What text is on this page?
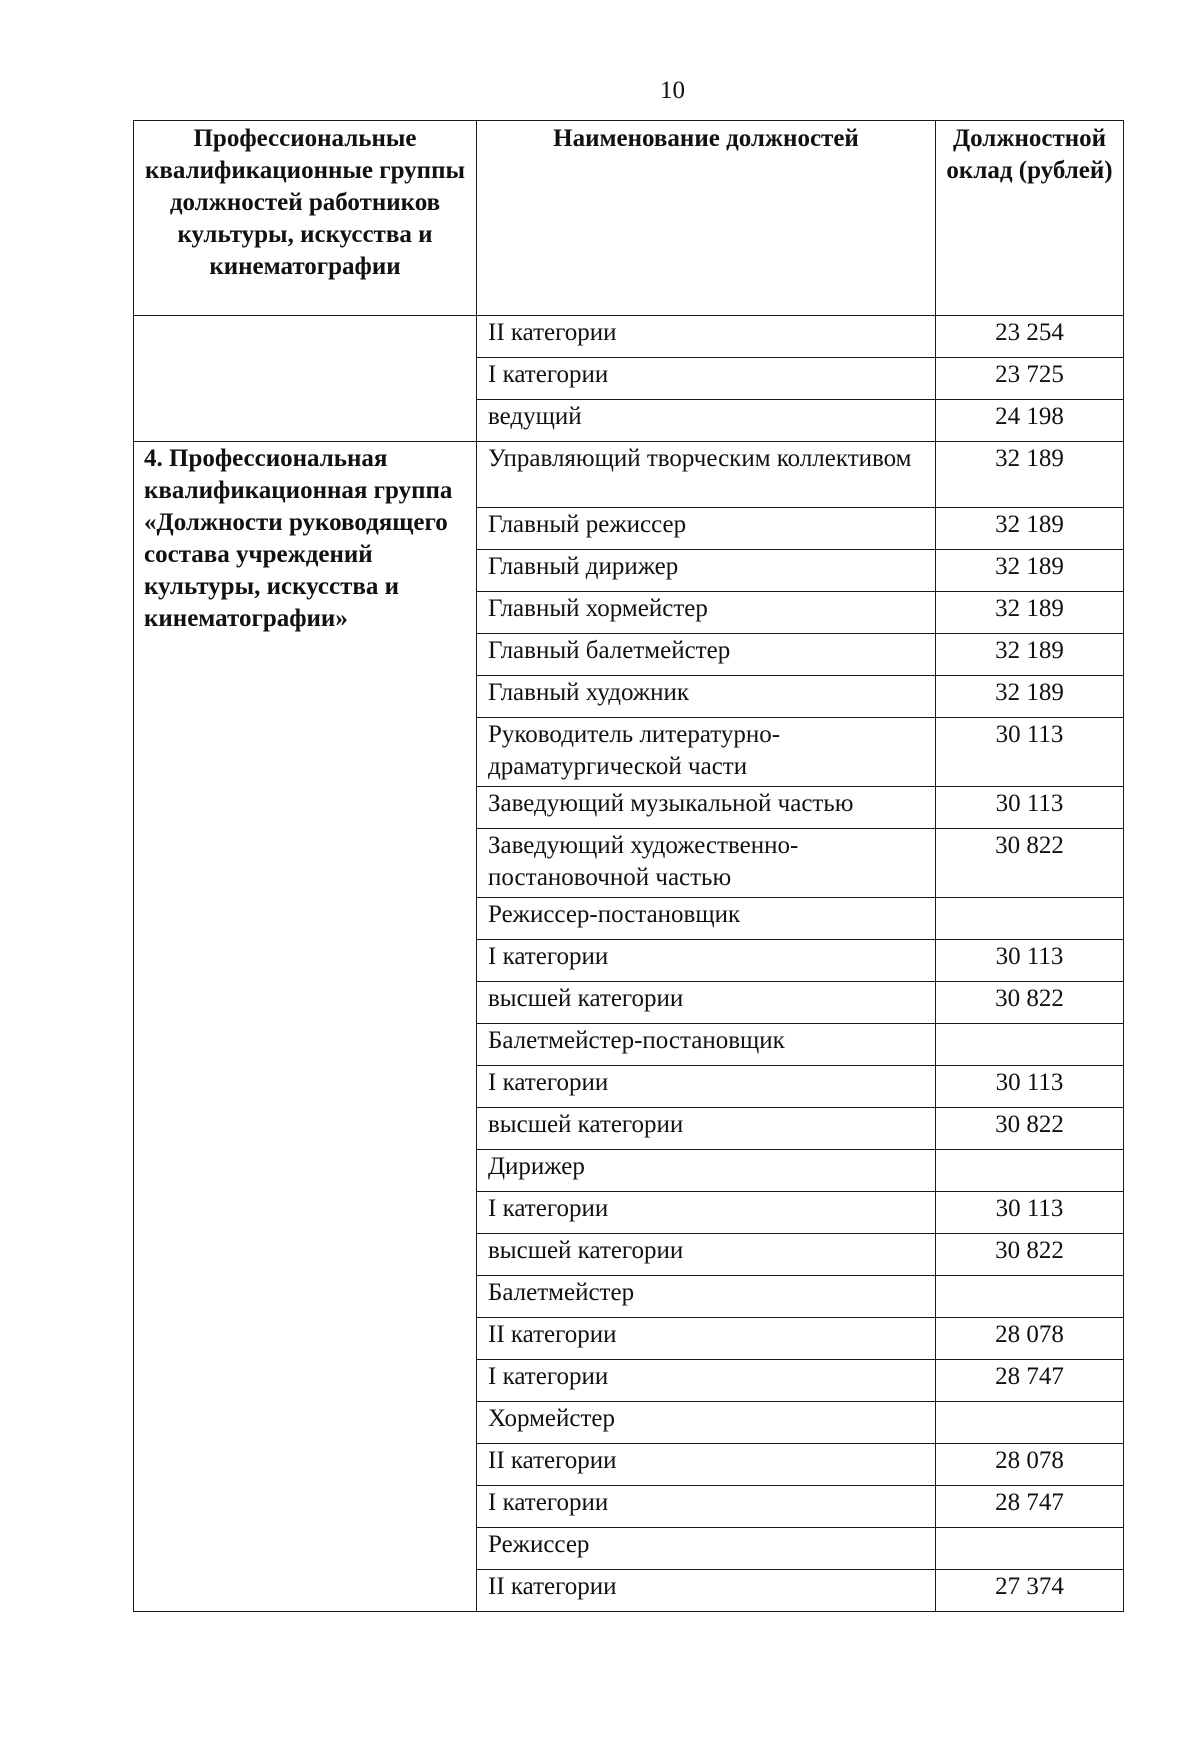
10
Профессиональные квалификационные группы должностей работников культуры, искусства и кинематографии	Наименование должностей	Должностной оклад (рублей)
	II категории	23 254
	I категории	23 725
	ведущий	24 198
4. Профессиональная квалификационная группа «Должности руководящего состава учреждений культуры, искусства и кинематографии»	Управляющий творческим коллективом	32 189
	Главный режиссер	32 189
	Главный дирижер	32 189
	Главный хормейстер	32 189
	Главный балетмейстер	32 189
	Главный художник	32 189
	Руководитель литературно-драматургической части	30 113
	Заведующий музыкальной частью	30 113
	Заведующий художественно-постановочной частью	30 822
	Режиссер-постановщик	
	I категории	30 113
	высшей категории	30 822
	Балетмейстер-постановщик	
	I категории	30 113
	высшей категории	30 822
	Дирижер	
	I категории	30 113
	высшей категории	30 822
	Балетмейстер	
	II категории	28 078
	I категории	28 747
	Хормейстер	
	II категории	28 078
	I категории	28 747
	Режиссер	
	II категории	27 374
